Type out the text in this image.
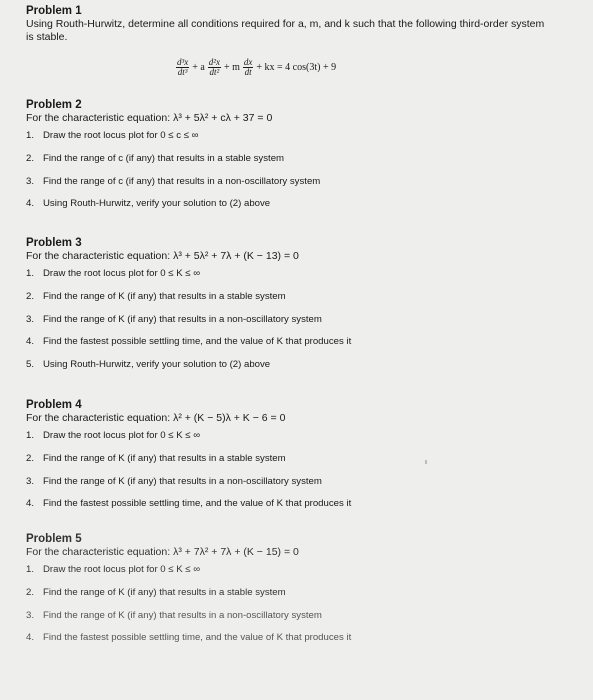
Problem 1
Using Routh-Hurwitz, determine all conditions required for a, m, and k such that the following third-order system is stable.
$\frac{\text{d³x}}{\text{dt³}} + a \frac{\text{d²x}}{\text{dt²}} + m \frac{dx}{dt}$ + kx = 4 cos(3t) + 9
Problem 2
For the characteristic equation: λ³ + 5λ² + cλ + 37 = 0
1. Draw the root locus plot for 0 ≤ c ≤ ∞
2. Find the range of c (if any) that results in a stable system
3. Find the range of c (if any) that results in a non-oscillatory system
4. Using Routh-Hurwitz, verify your solution to (2) above
Problem 3
For the characteristic equation: λ³ + 5λ² + 7λ + (K − 13) = 0
1. Draw the root locus plot for 0 ≤ K ≤ ∞
2. Find the range of K (if any) that results in a stable system
3. Find the range of K (if any) that results in a non-oscillatory system
4. Find the fastest possible settling time, and the value of K that produces it
5. Using Routh-Hurwitz, verify your solution to (2) above
Problem 4
For the characteristic equation: λ² + (K − 5)λ + K − 6 = 0
1. Draw the root locus plot for 0 ≤ K ≤ ∞
2. Find the range of K (if any) that results in a stable system
3. Find the range of K (if any) that results in a non-oscillatory system
4. Find the fastest possible settling time, and the value of K that produces it
Problem 5
For the characteristic equation: λ³ + 7λ² + 7λ + (K − 15) = 0
1. Draw the root locus plot for 0 ≤ K ≤ ∞
2. Find the range of K (if any) that results in a stable system
3. Find the range of K (if any) that results in a non-oscillatory system
4. Find the fastest possible settling time, and the value of K that produces it
